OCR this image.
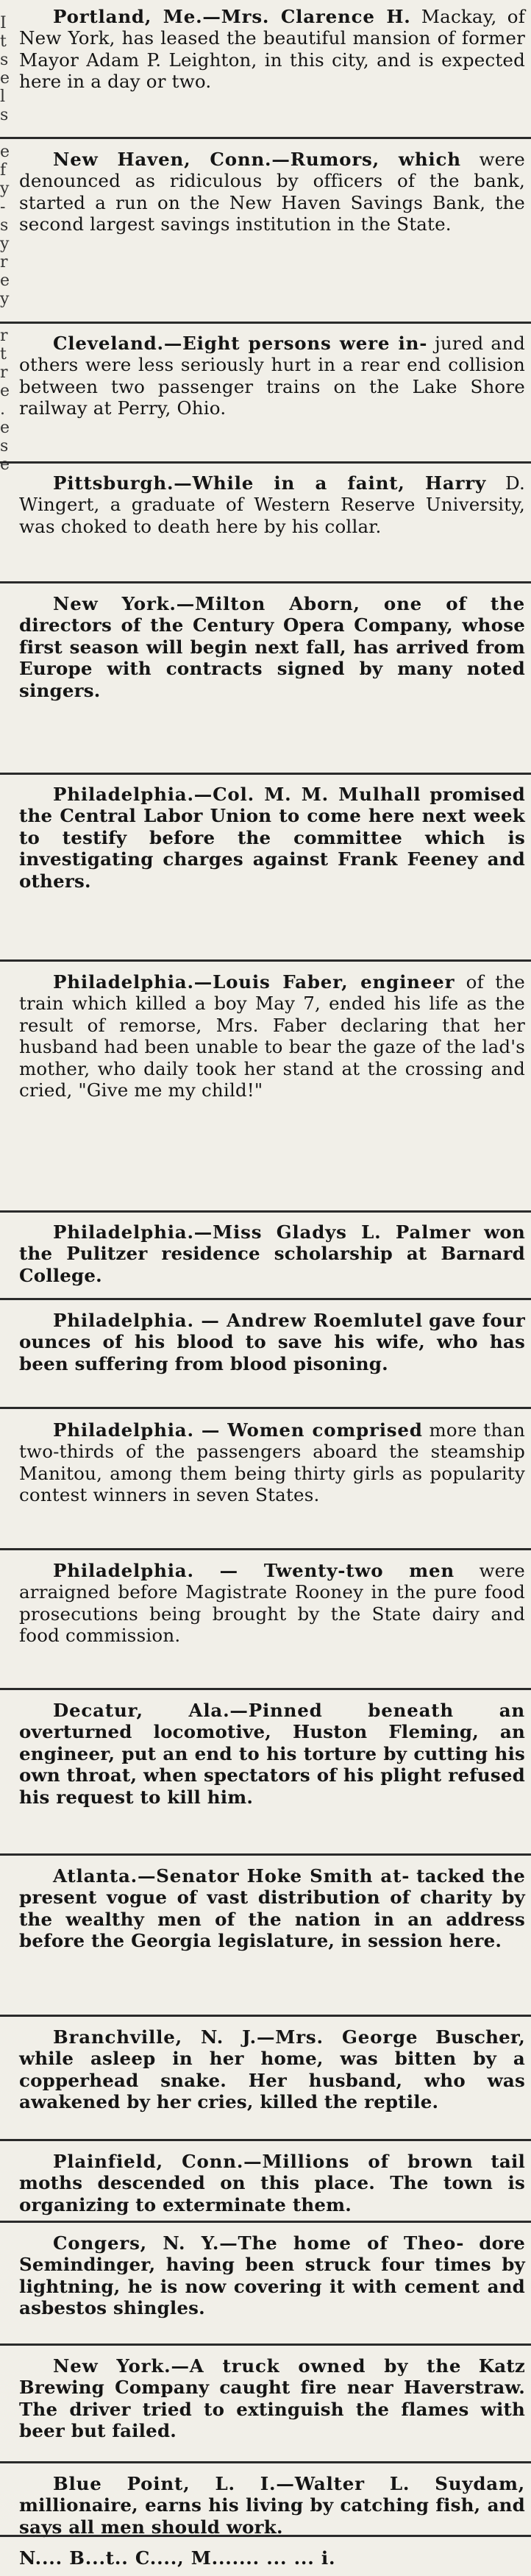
I
t
s
e
l
s
e
f
y
-
s
y
r
e
y
r
t
r
e
.
e
s
e

Portland, Me.—Mrs. Clarence H. Mackay, of New York, has leased the beautiful mansion of former Mayor Adam P. Leighton, in this city, and is expected here in a day or two.

New Haven, Conn.—Rumors, which were denounced as ridiculous by officers of the bank, started a run on the New Haven Savings Bank, the second largest savings institution in the State.

Cleveland.—Eight persons were in- jured and others were less seriously hurt in a rear end collision between two passenger trains on the Lake Shore railway at Perry, Ohio.

Pittsburgh.—While in a faint, Harry D. Wingert, a graduate of Western Reserve University, was choked to death here by his collar.

New York.—Milton Aborn, one of the directors of the Century Opera Company, whose first season will begin next fall, has arrived from Europe with contracts signed by many noted singers.

Philadelphia.—Col. M. M. Mulhall promised the Central Labor Union to come here next week to testify before the committee which is investigating charges against Frank Feeney and others.

Philadelphia.—Louis Faber, engineer of the train which killed a boy May 7, ended his life as the result of remorse, Mrs. Faber declaring that her husband had been unable to bear the gaze of the lad's mother, who daily took her stand at the crossing and cried, "Give me my child!"

Philadelphia.—Miss Gladys L. Palmer won the Pulitzer residence scholarship at Barnard College.

Philadelphia. — Andrew Roemlutel gave four ounces of his blood to save his wife, who has been suffering from blood pisoning.

Philadelphia. — Women comprised more than two-thirds of the passengers aboard the steamship Manitou, among them being thirty girls as popularity contest winners in seven States.

Philadelphia. — Twenty-two men were arraigned before Magistrate Rooney in the pure food prosecutions being brought by the State dairy and food commission.

Decatur, Ala.—Pinned beneath an overturned locomotive, Huston Fleming, an engineer, put an end to his torture by cutting his own throat, when spectators of his plight refused his request to kill him.

Atlanta.—Senator Hoke Smith at- tacked the present vogue of vast distribution of charity by the wealthy men of the nation in an address before the Georgia legislature, in session here.

Branchville, N. J.—Mrs. George Buscher, while asleep in her home, was bitten by a copperhead snake. Her husband, who was awakened by her cries, killed the reptile.

Plainfield, Conn.—Millions of brown tail moths descended on this place. The town is organizing to exterminate them.

Congers, N. Y.—The home of Theo- dore Semindinger, having been struck four times by lightning, he is now covering it with cement and asbestos shingles.

New York.—A truck owned by the Katz Brewing Company caught fire near Haverstraw. The driver tried to extinguish the flames with beer but failed.

Blue Point, L. I.—Walter L. Suydam, millionaire, earns his living by catching fish, and says all men should work.

N.... B...t.. C...., M....... ... ... i.
